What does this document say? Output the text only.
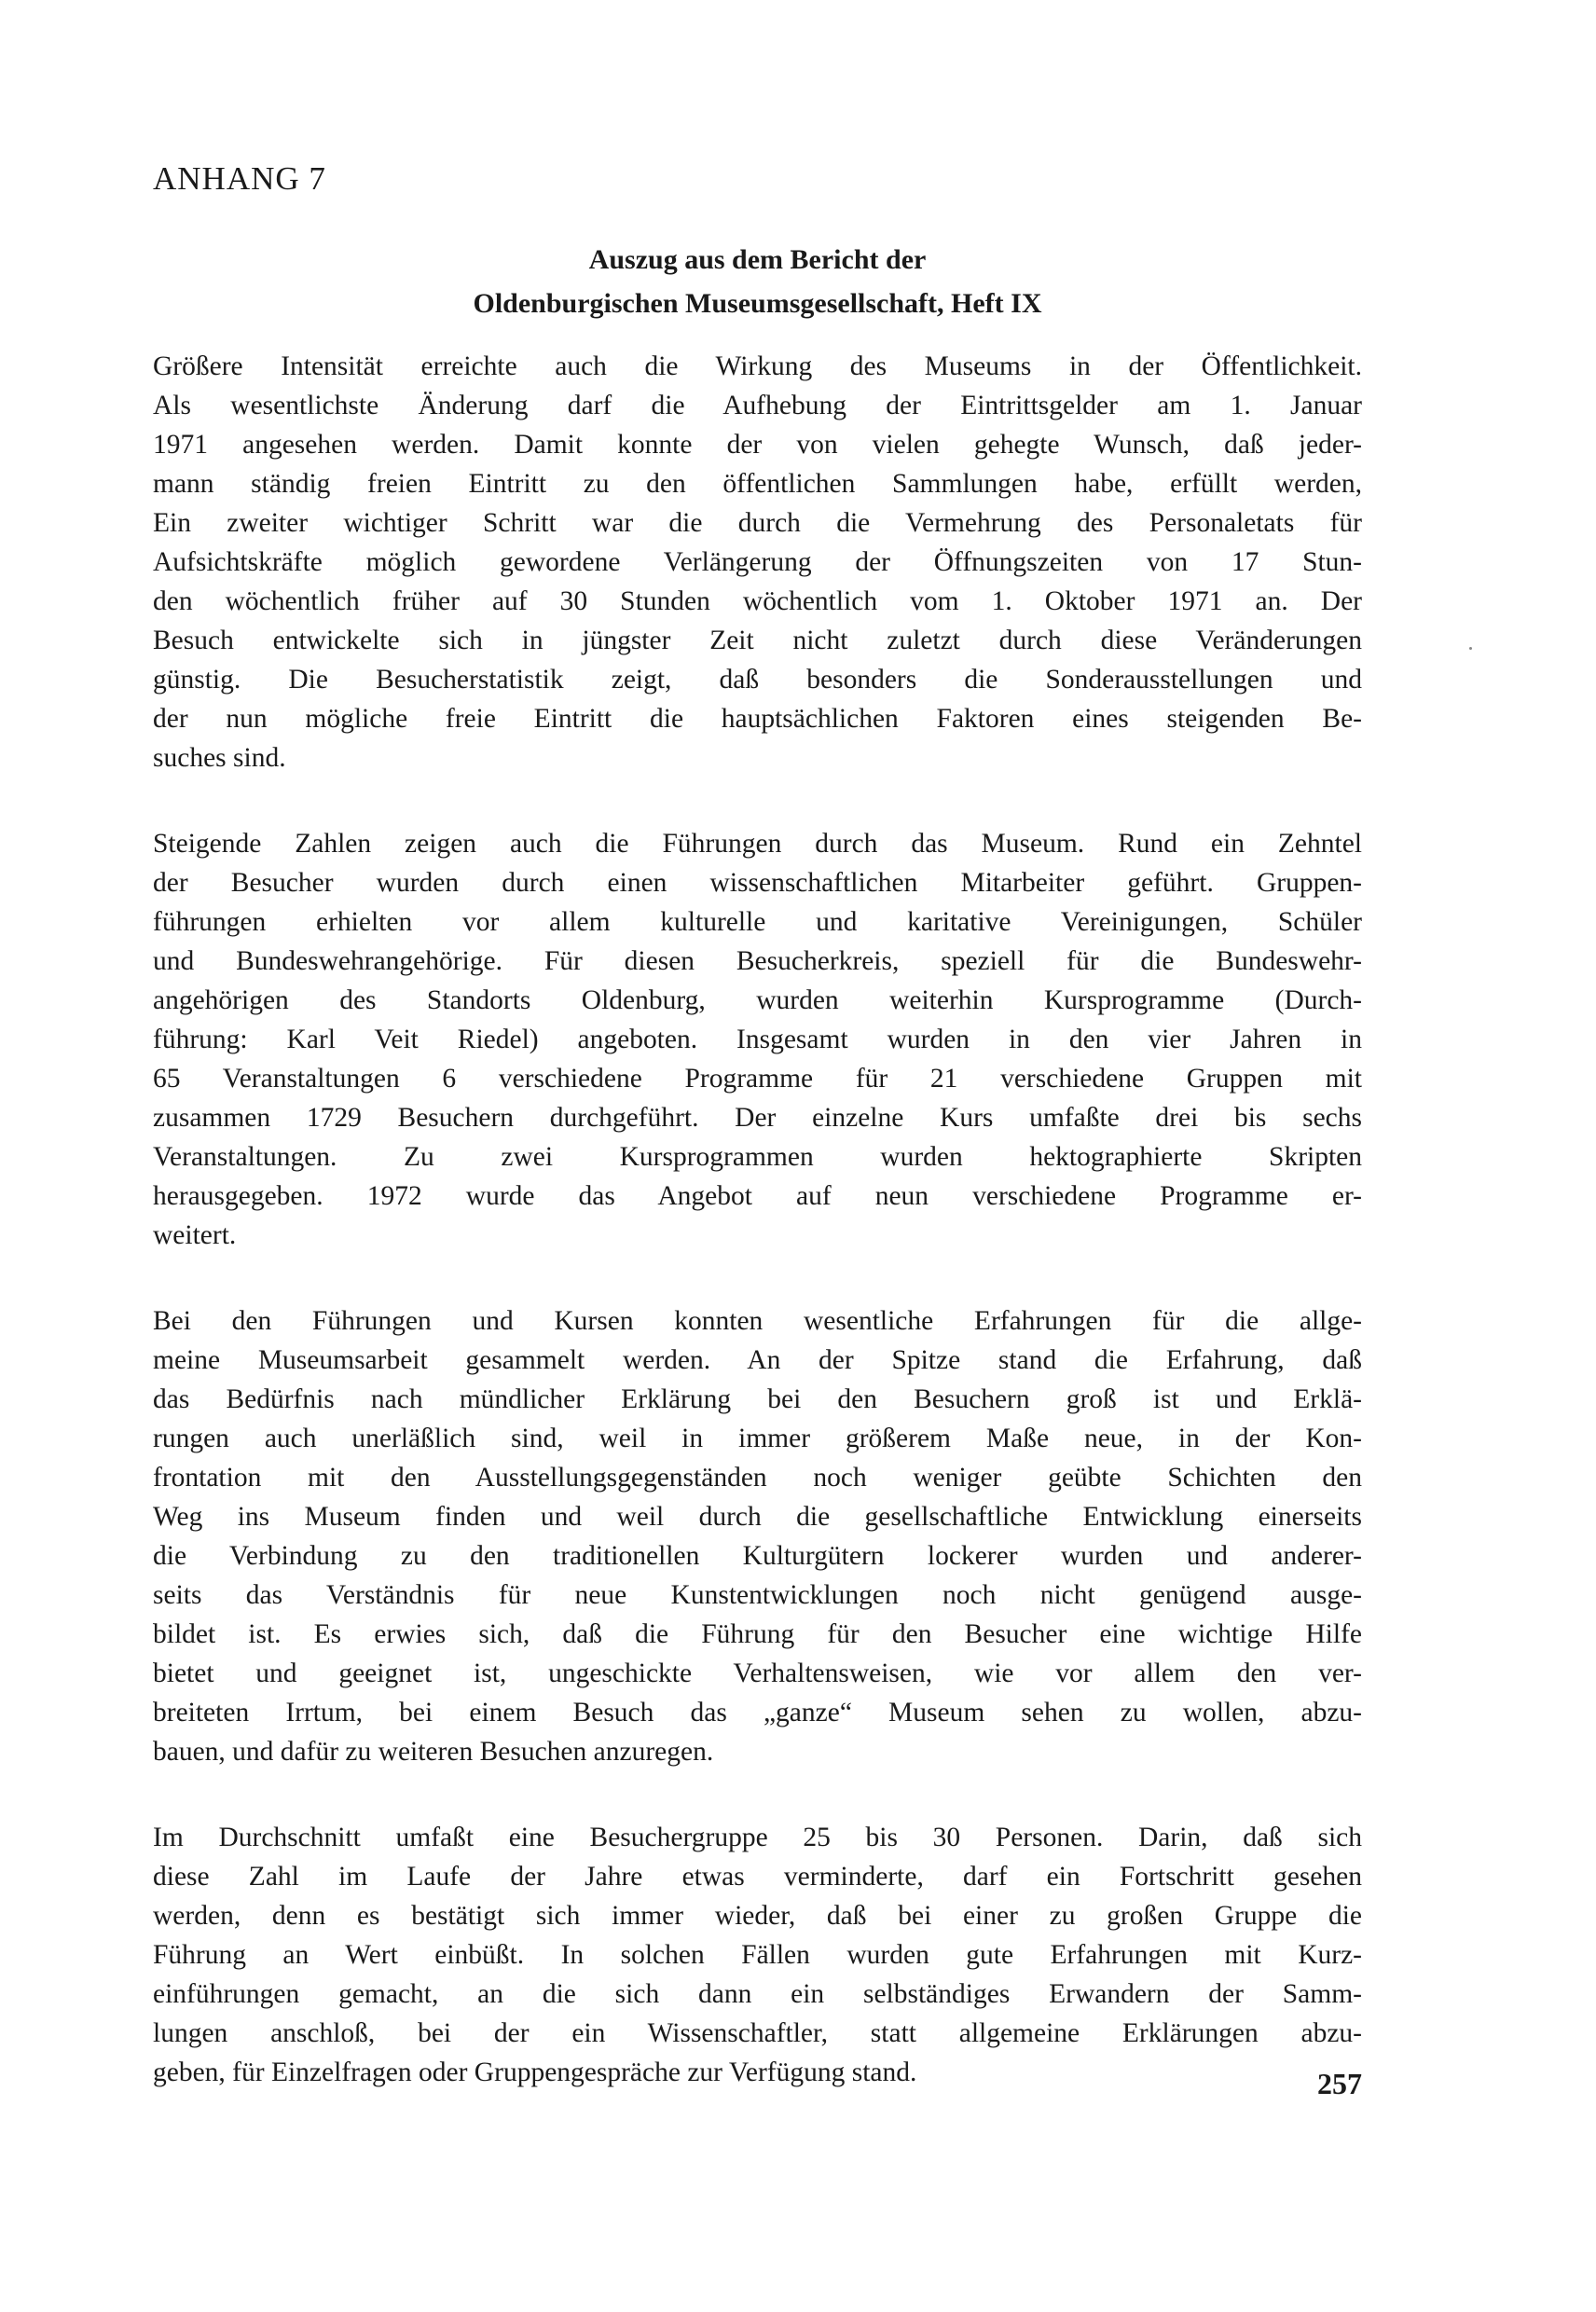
ANHANG 7
Auszug aus dem Bericht der
Oldenburgischen Museumsgesellschaft, Heft IX
Größere Intensität erreichte auch die Wirkung des Museums in der Öffentlichkeit.
Als wesentlichste Änderung darf die Aufhebung der Eintrittsgelder am 1. Januar
1971 angesehen werden. Damit konnte der von vielen gehegte Wunsch, daß jeder-
mann ständig freien Eintritt zu den öffentlichen Sammlungen habe, erfüllt werden,
Ein zweiter wichtiger Schritt war die durch die Vermehrung des Personaletats für
Aufsichtskräfte möglich gewordene Verlängerung der Öffnungszeiten von 17 Stun-
den wöchentlich früher auf 30 Stunden wöchentlich vom 1. Oktober 1971 an. Der
Besuch entwickelte sich in jüngster Zeit nicht zuletzt durch diese Veränderungen
günstig. Die Besucherstatistik zeigt, daß besonders die Sonderausstellungen und
der nun mögliche freie Eintritt die hauptsächlichen Faktoren eines steigenden Be-
suches sind.
Steigende Zahlen zeigen auch die Führungen durch das Museum. Rund ein Zehntel
der Besucher wurden durch einen wissenschaftlichen Mitarbeiter geführt. Gruppen-
führungen erhielten vor allem kulturelle und karitative Vereinigungen, Schüler
und Bundeswehrangehörige. Für diesen Besucherkreis, speziell für die Bundeswehr-
angehörigen des Standorts Oldenburg, wurden weiterhin Kursprogramme (Durch-
führung: Karl Veit Riedel) angeboten. Insgesamt wurden in den vier Jahren in
65 Veranstaltungen 6 verschiedene Programme für 21 verschiedene Gruppen mit
zusammen 1729 Besuchern durchgeführt. Der einzelne Kurs umfaßte drei bis sechs
Veranstaltungen. Zu zwei Kursprogrammen wurden hektographierte Skripten
herausgegeben. 1972 wurde das Angebot auf neun verschiedene Programme er-
weitert.
Bei den Führungen und Kursen konnten wesentliche Erfahrungen für die allge-
meine Museumsarbeit gesammelt werden. An der Spitze stand die Erfahrung, daß
das Bedürfnis nach mündlicher Erklärung bei den Besuchern groß ist und Erklä-
rungen auch unerläßlich sind, weil in immer größerem Maße neue, in der Kon-
frontation mit den Ausstellungsgegenständen noch weniger geübte Schichten den
Weg ins Museum finden und weil durch die gesellschaftliche Entwicklung einerseits
die Verbindung zu den traditionellen Kulturgütern lockerer wurden und anderer-
seits das Verständnis für neue Kunstentwicklungen noch nicht genügend ausge-
bildet ist. Es erwies sich, daß die Führung für den Besucher eine wichtige Hilfe
bietet und geeignet ist, ungeschickte Verhaltensweisen, wie vor allem den ver-
breiteten Irrtum, bei einem Besuch das „ganze“ Museum sehen zu wollen, abzu-
bauen, und dafür zu weiteren Besuchen anzuregen.
Im Durchschnitt umfaßt eine Besuchergruppe 25 bis 30 Personen. Darin, daß sich
diese Zahl im Laufe der Jahre etwas verminderte, darf ein Fortschritt gesehen
werden, denn es bestätigt sich immer wieder, daß bei einer zu großen Gruppe die
Führung an Wert einbüßt. In solchen Fällen wurden gute Erfahrungen mit Kurz-
einführungen gemacht, an die sich dann ein selbständiges Erwandern der Samm-
lungen anschloß, bei der ein Wissenschaftler, statt allgemeine Erklärungen abzu-
geben, für Einzelfragen oder Gruppengespräche zur Verfügung stand.	257
